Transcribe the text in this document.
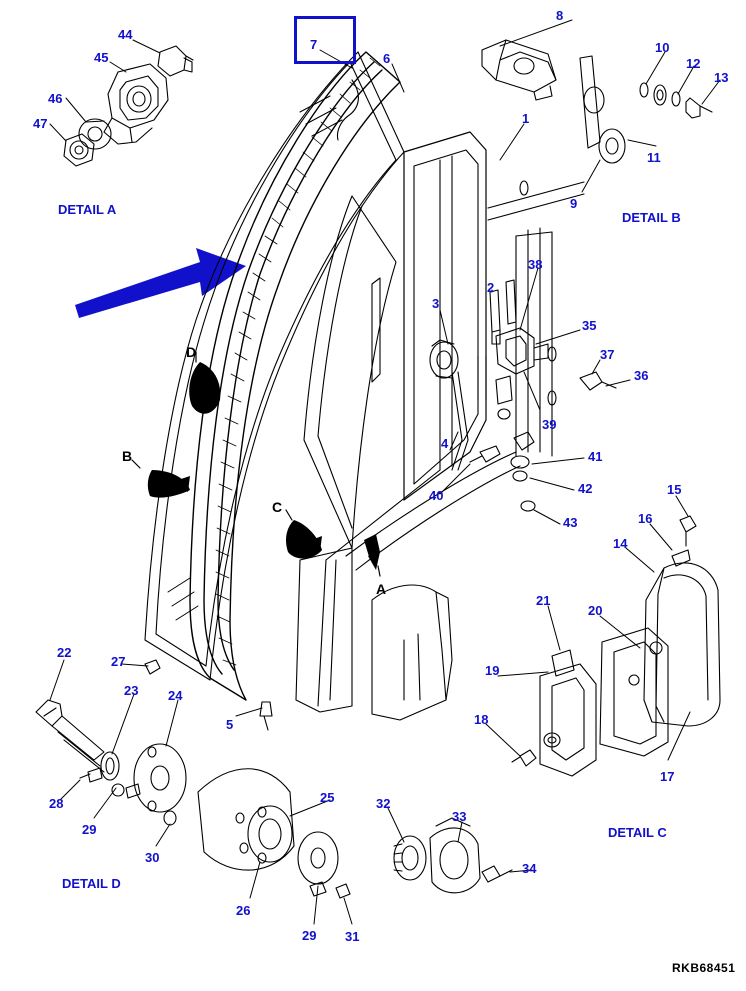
DETAIL A
DETAIL B
DETAIL C
DETAIL D
D
B
C
A
44
45
46
47
7
6
8
10
12
13
11
9
1
38
2
35
3
37
36
39
4
41
42
40
43
15
16
14
21
20
19
18
17
5
22
27
23 24
28
29
30
25
26
29 31
32
33
34
RKB68451
